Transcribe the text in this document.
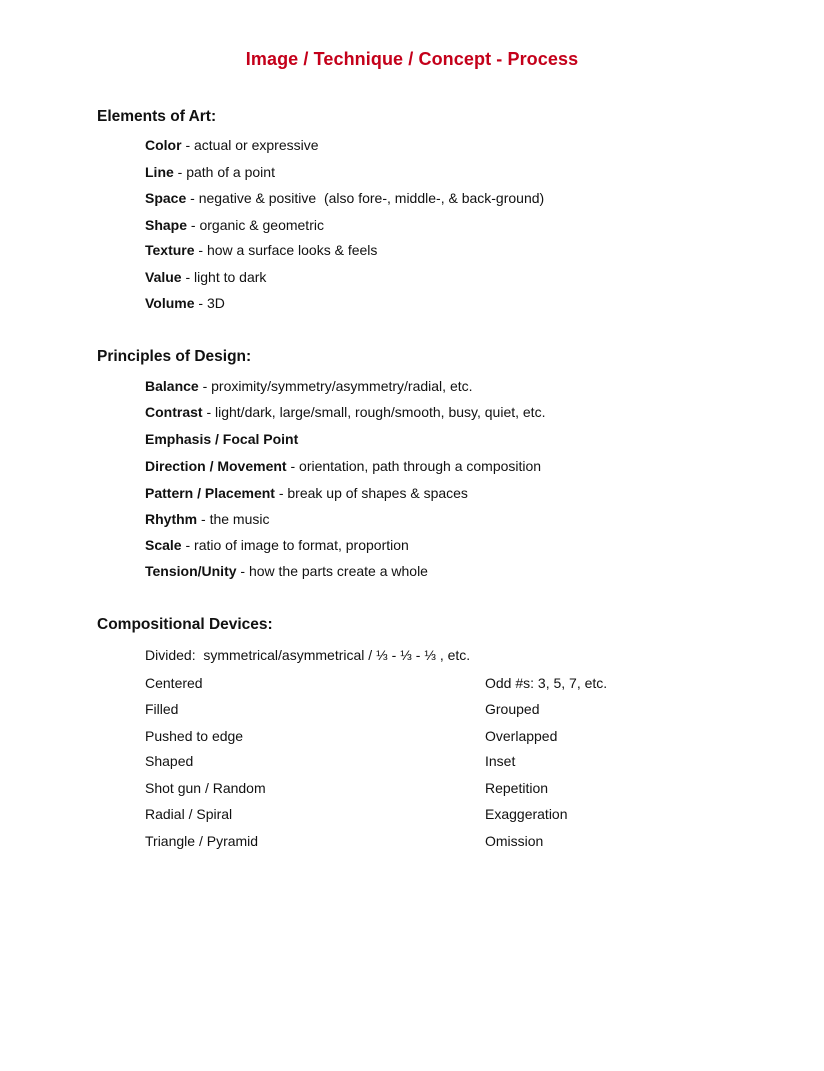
Image / Technique / Concept - Process
Elements of Art:
Color - actual or expressive
Line - path of a point
Space - negative & positive  (also fore-, middle-, & back-ground)
Shape - organic & geometric
Texture - how a surface looks & feels
Value - light to dark
Volume - 3D
Principles of Design:
Balance - proximity/symmetry/asymmetry/radial, etc.
Contrast - light/dark, large/small, rough/smooth, busy, quiet, etc.
Emphasis / Focal Point
Direction / Movement - orientation, path through a composition
Pattern / Placement - break up of shapes & spaces
Rhythm - the music
Scale - ratio of image to format, proportion
Tension/Unity - how the parts create a whole
Compositional Devices:
Divided:  symmetrical/asymmetrical / ⅓ - ⅓ - ⅓ , etc.
Centered
Filled
Pushed to edge
Shaped
Shot gun / Random
Radial / Spiral
Triangle / Pyramid
Odd #s: 3, 5, 7, etc.
Grouped
Overlapped
Inset
Repetition
Exaggeration
Omission
